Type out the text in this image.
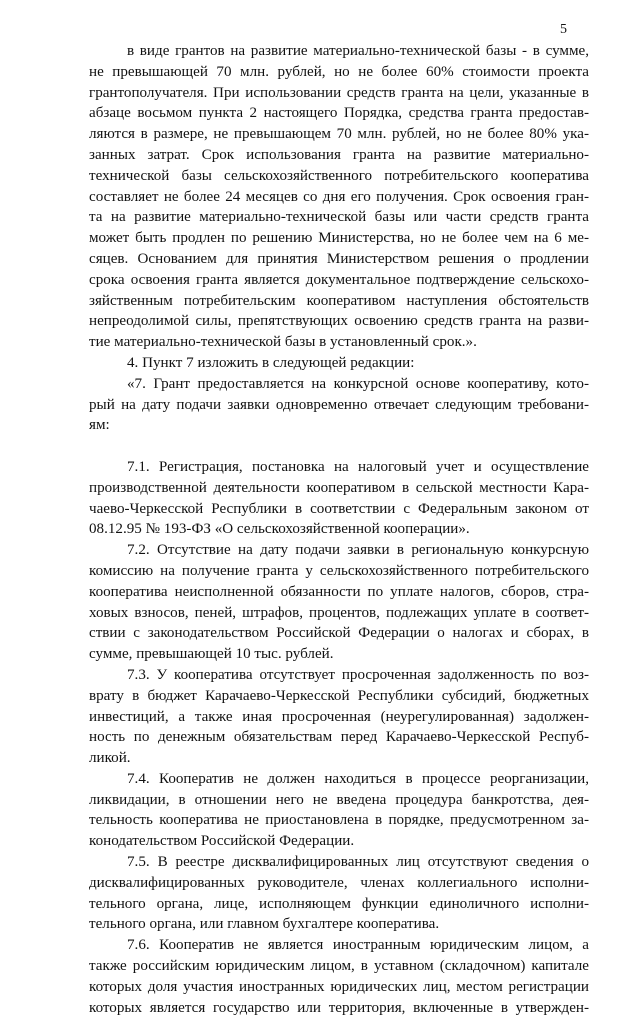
5
в виде грантов на развитие материально-технической базы - в сумме,
не превышающей 70 млн. рублей, но не более 60% стоимости проекта
грантополучателя. При использовании средств гранта на цели, указанные в
абзаце восьмом пункта 2 настоящего Порядка, средства гранта предостав-
ляются в размере, не превышающем 70 млн. рублей, но не более 80% ука-
занных затрат. Срок использования гранта на развитие материально-
технической базы сельскохозяйственного потребительского кооператива
составляет не более 24 месяцев со дня его получения. Срок освоения гран-
та на развитие материально-технической базы или части средств гранта
может быть продлен по решению Министерства, но не более чем на 6 ме-
сяцев. Основанием для принятия Министерством решения о продлении
срока освоения гранта является документальное подтверждение сельскохо-
зяйственным потребительским кооперативом наступления обстоятельств
непреодолимой силы, препятствующих освоению средств гранта на разви-
тие материально-технической базы в установленный срок.».
4. Пункт 7 изложить в следующей редакции:
«7. Грант предоставляется на конкурсной основе кооперативу, кото-
рый на дату подачи заявки одновременно отвечает следующим требовани-
ям:
7.1. Регистрация, постановка на налоговый учет и осуществление
производственной деятельности кооперативом в сельской местности Кара-
чаево-Черкесской Республики в соответствии с Федеральным законом от
08.12.95 № 193-ФЗ «О сельскохозяйственной кооперации».
7.2. Отсутствие на дату подачи заявки в региональную конкурсную
комиссию на получение гранта у сельскохозяйственного потребительского
кооператива неисполненной обязанности по уплате налогов, сборов, стра-
ховых взносов, пеней, штрафов, процентов, подлежащих уплате в соответ-
ствии с законодательством Российской Федерации о налогах и сборах, в
сумме, превышающей 10 тыс. рублей.
7.3. У кооператива отсутствует просроченная задолженность по воз-
врату в бюджет Карачаево-Черкесской Республики субсидий, бюджетных
инвестиций, а также иная просроченная (неурегулированная) задолжен-
ность по денежным обязательствам перед Карачаево-Черкесской Респуб-
ликой.
7.4. Кооператив не должен находиться в процессе реорганизации,
ликвидации, в отношении него не введена процедура банкротства, дея-
тельность кооператива не приостановлена в порядке, предусмотренном за-
конодательством Российской Федерации.
7.5. В реестре дисквалифицированных лиц отсутствуют сведения о
дисквалифицированных руководителе, членах коллегиального исполни-
тельного органа, лице, исполняющем функции единоличного исполни-
тельного органа, или главном бухгалтере кооператива.
7.6. Кооператив не является иностранным юридическим лицом, а
также российским юридическим лицом, в уставном (складочном) капитале
которых доля участия иностранных юридических лиц, местом регистрации
которых является государство или территория, включенные в утвержден-
